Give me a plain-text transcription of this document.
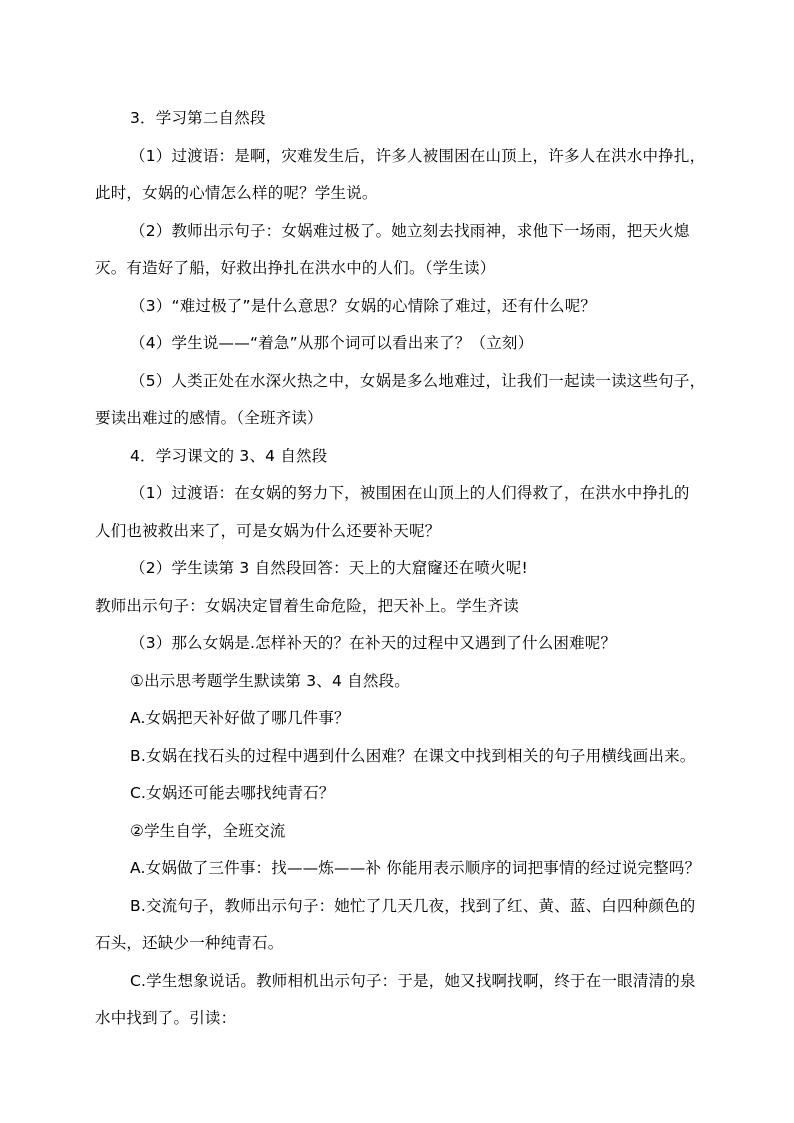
3．学习第二自然段
（1）过渡语：是啊，灾难发生后，许多人被围困在山顶上，许多人在洪水中挣扎，
此时，女娲的心情怎么样的呢？学生说。
（2）教师出示句子：女娲难过极了。她立刻去找雨神，求他下一场雨，把天火熄
灭。有造好了船，好救出挣扎在洪水中的人们。（学生读）
（3）“难过极了”是什么意思？女娲的心情除了难过，还有什么呢？
（4）学生说——“着急”从那个词可以看出来了？（立刻）
（5）人类正处在水深火热之中，女娲是多么地难过，让我们一起读一读这些句子，
要读出难过的感情。（全班齐读）
4．学习课文的 3、4 自然段
（1）过渡语：在女娲的努力下，被围困在山顶上的人们得救了，在洪水中挣扎的
人们也被救出来了，可是女娲为什么还要补天呢？
（2）学生读第 3 自然段回答：天上的大窟窿还在喷火呢!
教师出示句子：女娲决定冒着生命危险，把天补上。学生齐读
（3）那么女娲是.怎样补天的？在补天的过程中又遇到了什么困难呢？
①出示思考题学生默读第 3、4 自然段。
A.女娲把天补好做了哪几件事？
B.女娲在找石头的过程中遇到什么困难？在课文中找到相关的句子用横线画出来。
C.女娲还可能去哪找纯青石？
②学生自学，全班交流
A.女娲做了三件事：找——炼——补 你能用表示顺序的词把事情的经过说完整吗？
B.交流句子，教师出示句子：她忙了几天几夜，找到了红、黄、蓝、白四种颜色的
石头，还缺少一种纯青石。
C.学生想象说话。教师相机出示句子：于是，她又找啊找啊，终于在一眼清清的泉
水中找到了。引读：
